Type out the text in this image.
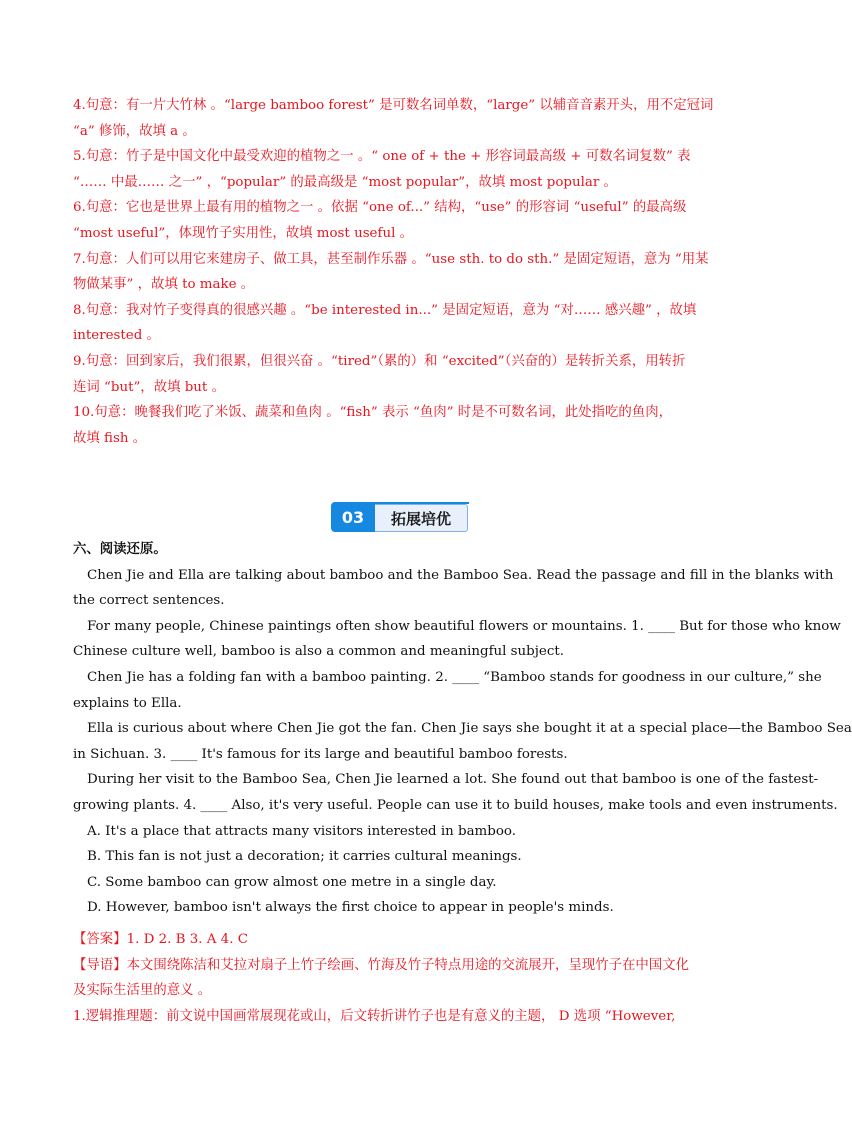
4.句意：有一片大竹林 。“large bamboo forest” 是可数名词单数，“large” 以辅音音素开头，用不定冠词
“a” 修饰，故填 a 。
5.句意：竹子是中国文化中最受欢迎的植物之一 。“ one of + the + 形容词最高级 + 可数名词复数” 表
“…… 中最…… 之一” ，“popular” 的最高级是 “most popular”，故填 most popular 。
6.句意：它也是世界上最有用的植物之一 。依据 “one of...” 结构，“use” 的形容词 “useful” 的最高级
“most useful”，体现竹子实用性，故填 most useful 。
7.句意：人们可以用它来建房子、做工具，甚至制作乐器 。“use sth. to do sth.” 是固定短语，意为 “用某
物做某事” ，故填 to make 。
8.句意：我对竹子变得真的很感兴趣 。“be interested in...” 是固定短语，意为 “对…… 感兴趣” ，故填
interested 。
9.句意：回到家后，我们很累，但很兴奋 。“tired”（累的）和 “excited”（兴奋的）是转折关系，用转折
连词 “but”，故填 but 。
10.句意：晚餐我们吃了米饭、蔬菜和鱼肉 。“fish” 表示 “鱼肉” 时是不可数名词，此处指吃的鱼肉，
故填 fish 。
03	拓展培优
六、阅读还原。
Chen Jie and Ella are talking about bamboo and the Bamboo Sea. Read the passage and fill in the blanks with
the correct sentences.
For many people, Chinese paintings often show beautiful flowers or mountains. 1. ____ But for those who know
Chinese culture well, bamboo is also a common and meaningful subject.
Chen Jie has a folding fan with a bamboo painting. 2. ____ “Bamboo stands for goodness in our culture,” she
explains to Ella.
Ella is curious about where Chen Jie got the fan. Chen Jie says she bought it at a special place—the Bamboo Sea
in Sichuan. 3. ____ It's famous for its large and beautiful bamboo forests.
During her visit to the Bamboo Sea, Chen Jie learned a lot. She found out that bamboo is one of the fastest-
growing plants. 4. ____ Also, it's very useful. People can use it to build houses, make tools and even instruments.
A. It's a place that attracts many visitors interested in bamboo.
B. This fan is not just a decoration; it carries cultural meanings.
C. Some bamboo can grow almost one metre in a single day.
D. However, bamboo isn't always the first choice to appear in people's minds.
【答案】1. D 2. B 3. A 4. C
【导语】本文围绕陈洁和艾拉对扇子上竹子绘画、竹海及竹子特点用途的交流展开，呈现竹子在中国文化
及实际生活里的意义 。
1.逻辑推理题：前文说中国画常展现花或山，后文转折讲竹子也是有意义的主题， D 选项 “However,
